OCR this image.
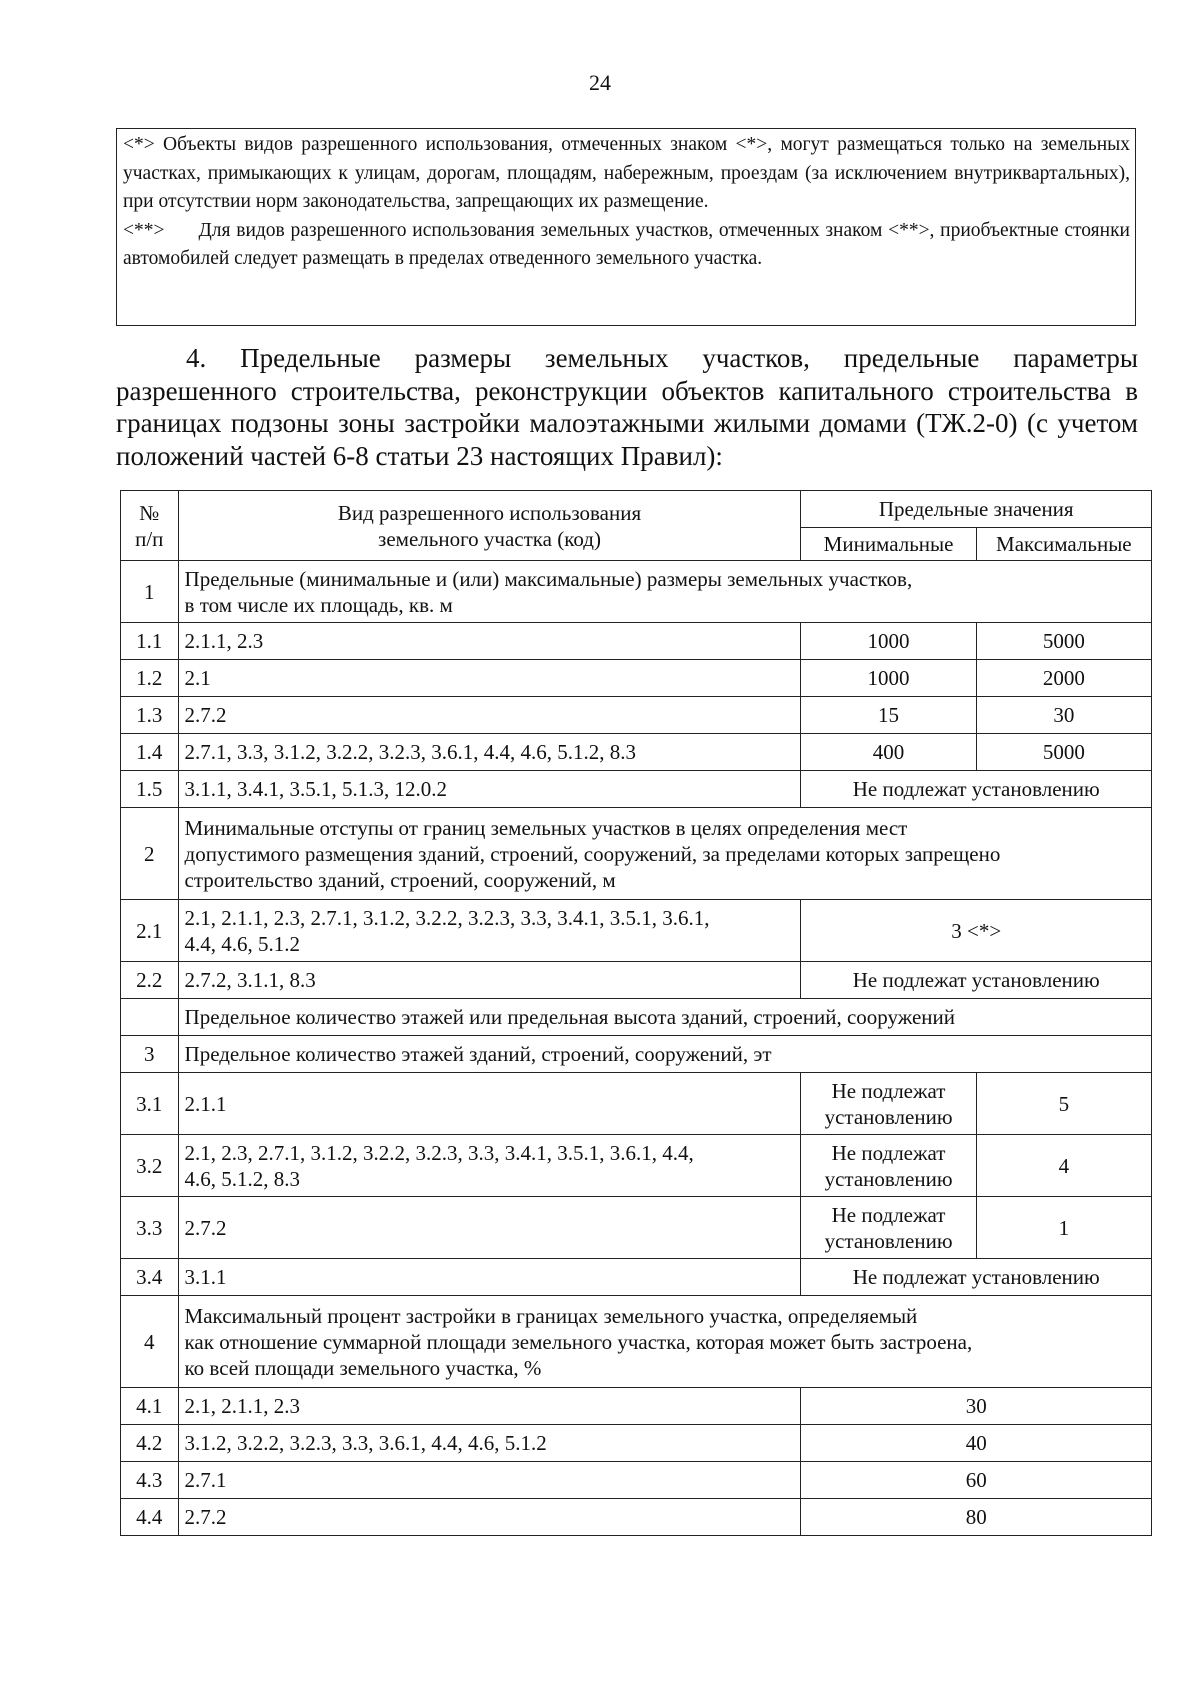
24

<*> Объекты видов разрешенного использования, отмеченных знаком <*>, могут размещаться только на земельных участках, примыкающих к улицам, дорогам, площадям, набережным, проездам (за исключением внутриквартальных), при отсутствии норм законодательства, запрещающих их размещение.

<**> Для видов разрешенного использования земельных участков, отмеченных знаком <**>, приобъектные стоянки автомобилей следует размещать в пределах отведенного земельного участка.

4. Предельные размеры земельных участков, предельные параметры разрешенного строительства, реконструкции объектов капитального строительства в границах подзоны зоны застройки малоэтажными жилыми домами (ТЖ.2-0) (с учетом положений частей 6-8 статьи 23 настоящих Правил):

№
п/п	Вид разрешенного использования
земельного участка (код)	Предельные значения	
		Минимальные	Максимальные
1	Предельные (минимальные и (или) максимальные) размеры земельных участков,
в том числе их площадь, кв. м		
1.1	2.1.1, 2.3	1000	5000
1.2	2.1	1000	2000
1.3	2.7.2	15	30
1.4	2.7.1, 3.3, 3.1.2, 3.2.2, 3.2.3, 3.6.1, 4.4, 4.6, 5.1.2, 8.3	400	5000
1.5	3.1.1, 3.4.1, 3.5.1, 5.1.3, 12.0.2	Не подлежат установлению	
2	Минимальные отступы от границ земельных участков в целях определения мест
допустимого размещения зданий, строений, сооружений, за пределами которых запрещено
строительство зданий, строений, сооружений, м		
2.1	2.1, 2.1.1, 2.3, 2.7.1, 3.1.2, 3.2.2, 3.2.3, 3.3, 3.4.1, 3.5.1, 3.6.1,
4.4, 4.6, 5.1.2	3 <*>	
2.2	2.7.2, 3.1.1, 8.3	Не подлежат установлению	
	Предельное количество этажей или предельная высота зданий, строений, сооружений		
3	Предельное количество этажей зданий, строений, сооружений, эт		
3.1	2.1.1	Не подлежат
установлению	5
3.2	2.1, 2.3, 2.7.1, 3.1.2, 3.2.2, 3.2.3, 3.3, 3.4.1, 3.5.1, 3.6.1, 4.4,
4.6, 5.1.2, 8.3	Не подлежат
установлению	4
3.3	2.7.2	Не подлежат
установлению	1
3.4	3.1.1	Не подлежат установлению	
4	Максимальный процент застройки в границах земельного участка, определяемый
как отношение суммарной площади земельного участка, которая может быть застроена,
ко всей площади земельного участка, %		
4.1	2.1, 2.1.1, 2.3	30	
4.2	3.1.2, 3.2.2, 3.2.3, 3.3, 3.6.1, 4.4, 4.6, 5.1.2	40	
4.3	2.7.1	60	
4.4	2.7.2	80	
